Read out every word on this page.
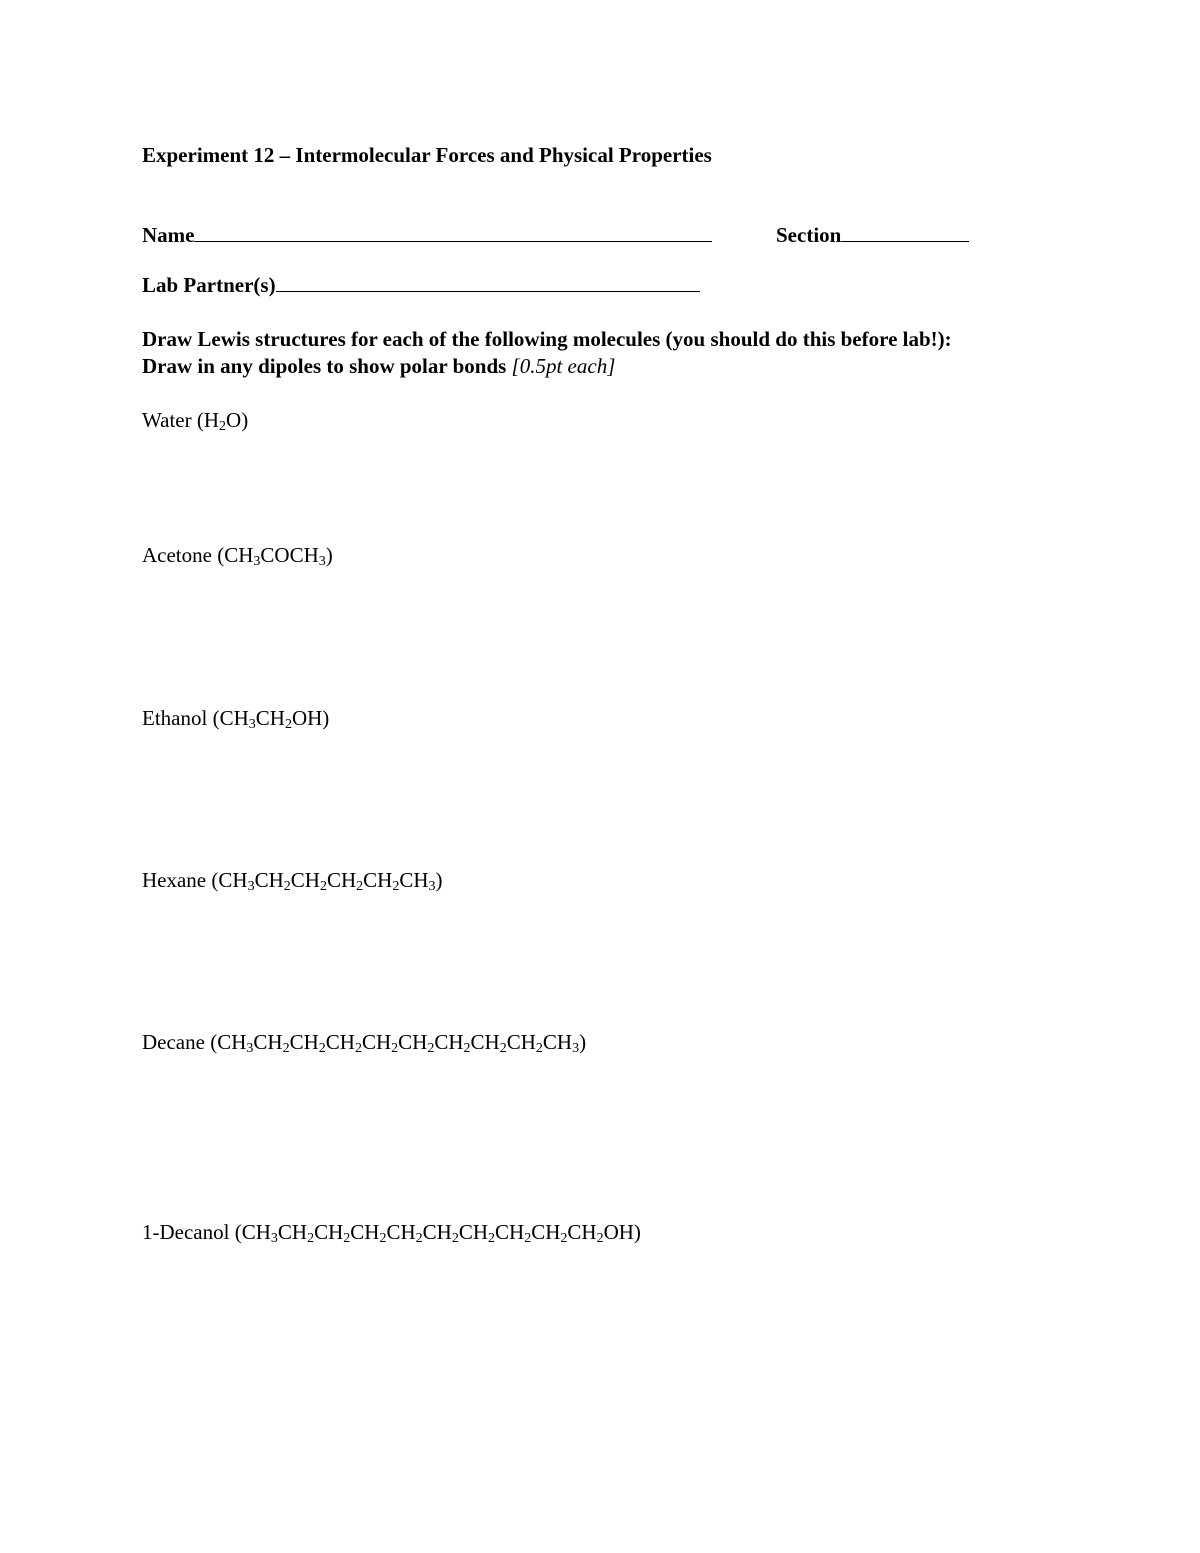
Experiment 12 – Intermolecular Forces and Physical Properties
Name	Section
Lab Partner(s)
Draw Lewis structures for each of the following molecules (you should do this before lab!):
Draw in any dipoles to show polar bonds [0.5pt each]
Water $(H_2O)$
Acetone $(CH_3COCH_3)$
Ethanol $(CH_3CH_2OH)$
Hexane $(CH_3CH_2CH_2CH_2CH_2CH_3)$
Decane $(CH_3CH_2CH_2CH_2CH_2CH_2CH_2CH_2CH_2CH_3)$
1-Decanol $(CH_3CH_2CH_2CH_2CH_2CH_2CH_2CH_2CH_2CH_2OH)$
